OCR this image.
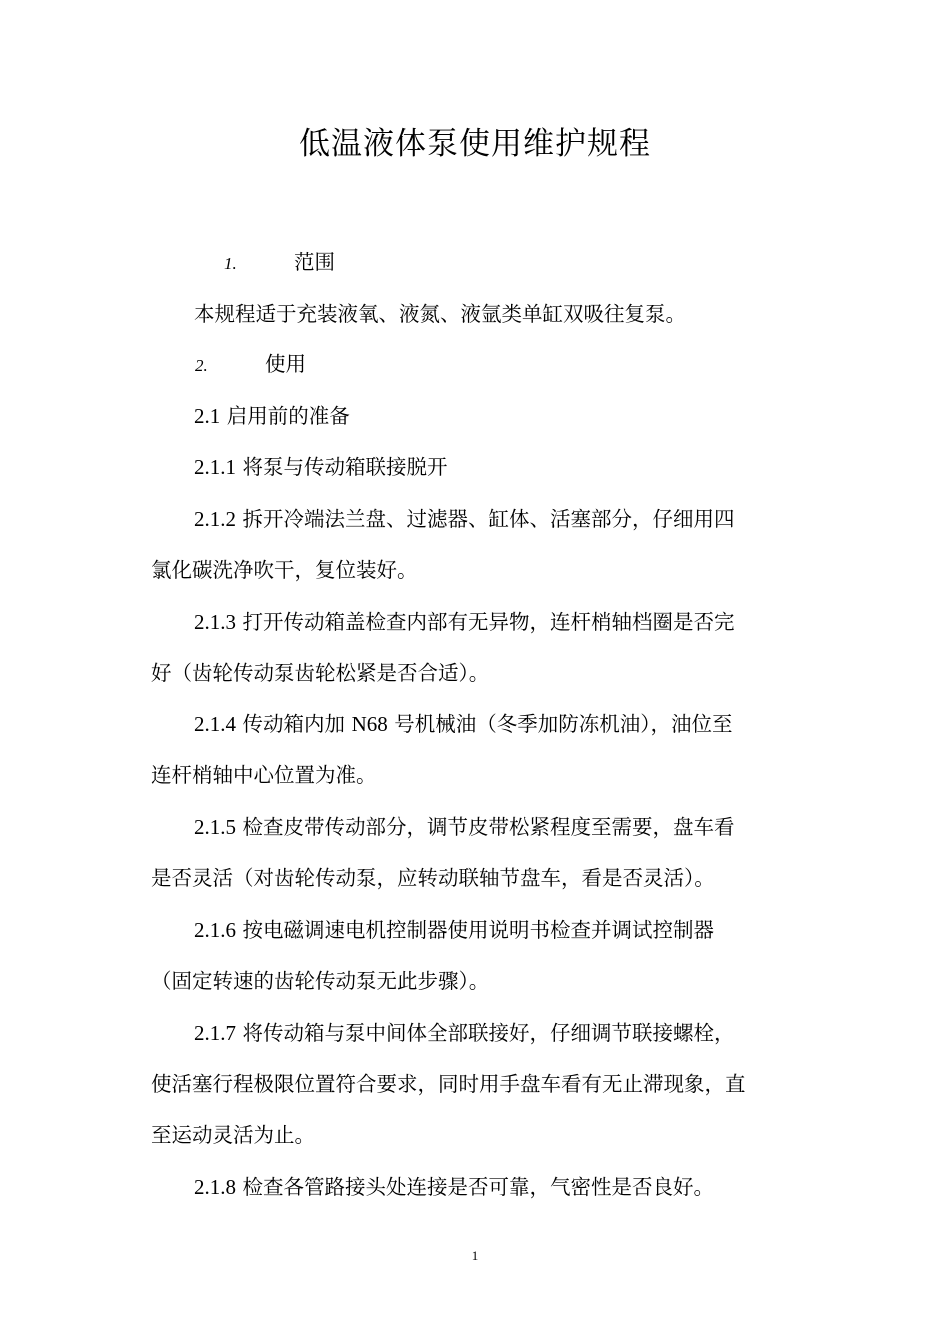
低温液体泵使用维护规程
1.	范围
本规程适于充装液氧、液氮、液氩类单缸双吸往复泵。
2.	使用
2.1 启用前的准备
2.1.1 将泵与传动箱联接脱开
2.1.2 拆开冷端法兰盘、过滤器、缸体、活塞部分，仔细用四
氯化碳洗净吹干，复位装好。
2.1.3 打开传动箱盖检查内部有无异物，连杆梢轴档圈是否完
好（齿轮传动泵齿轮松紧是否合适）。
2.1.4 传动箱内加 N68 号机械油（冬季加防冻机油），油位至
连杆梢轴中心位置为准。
2.1.5 检查皮带传动部分，调节皮带松紧程度至需要，盘车看
是否灵活（对齿轮传动泵，应转动联轴节盘车，看是否灵活）。
2.1.6 按电磁调速电机控制器使用说明书检查并调试控制器
（固定转速的齿轮传动泵无此步骤）。
2.1.7 将传动箱与泵中间体全部联接好，仔细调节联接螺栓，
使活塞行程极限位置符合要求，同时用手盘车看有无止滞现象，直
至运动灵活为止。
2.1.8 检查各管路接头处连接是否可靠，气密性是否良好。
1
